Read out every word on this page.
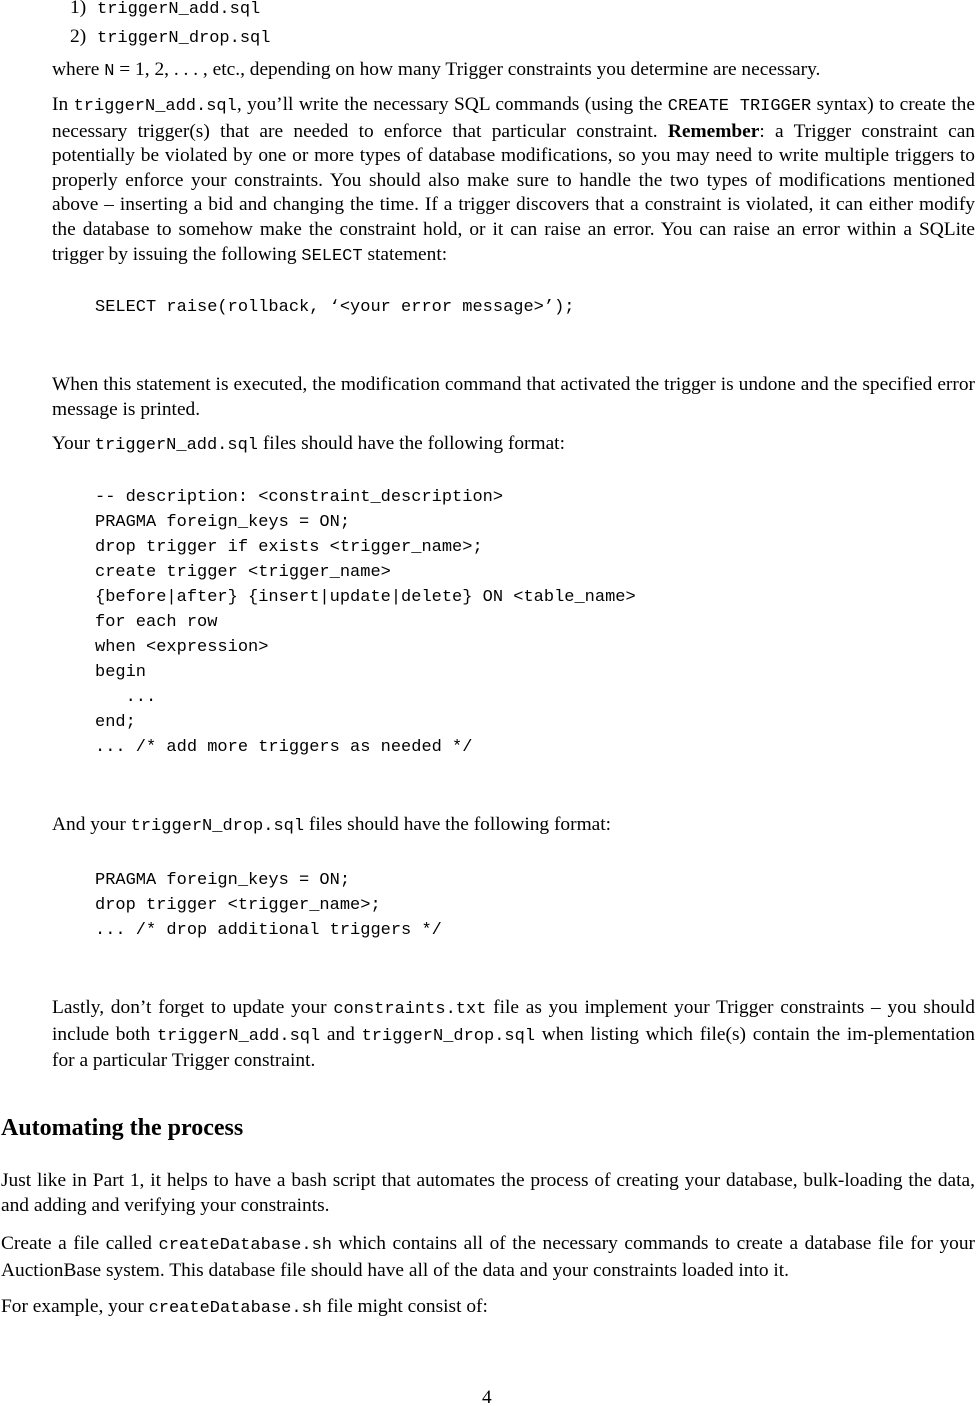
1) triggerN_add.sql
2) triggerN_drop.sql
where N = 1, 2, . . . , etc., depending on how many Trigger constraints you determine are necessary.
In triggerN_add.sql, you’ll write the necessary SQL commands (using the CREATE TRIGGER syntax) to create the necessary trigger(s) that are needed to enforce that particular constraint. Remember: a Trigger constraint can potentially be violated by one or more types of database modifications, so you may need to write multiple triggers to properly enforce your constraints. You should also make sure to handle the two types of modifications mentioned above – inserting a bid and changing the time. If a trigger discovers that a constraint is violated, it can either modify the database to somehow make the constraint hold, or it can raise an error. You can raise an error within a SQLite trigger by issuing the following SELECT statement:
When this statement is executed, the modification command that activated the trigger is undone and the specified error message is printed.
Your triggerN_add.sql files should have the following format:
And your triggerN_drop.sql files should have the following format:
Lastly, don’t forget to update your constraints.txt file as you implement your Trigger constraints – you should include both triggerN_add.sql and triggerN_drop.sql when listing which file(s) contain the im-plementation for a particular Trigger constraint.
Just like in Part 1, it helps to have a bash script that automates the process of creating your database, bulk-loading the data, and adding and verifying your constraints.
Create a file called createDatabase.sh which contains all of the necessary commands to create a database file for your AuctionBase system. This database file should have all of the data and your constraints loaded into it.
For example, your createDatabase.sh file might consist of:
SELECT raise(rollback, ‘<your error message>’);
-- description: <constraint_description>
PRAGMA foreign_keys = ON;
drop trigger if exists <trigger_name>;
create trigger <trigger_name>
{before|after} {insert|update|delete} ON <table_name>
for each row
when <expression>
begin
...
end;
... /* add more triggers as needed */
PRAGMA foreign_keys = ON;
drop trigger <trigger_name>;
... /* drop additional triggers */
Automating the process
4
